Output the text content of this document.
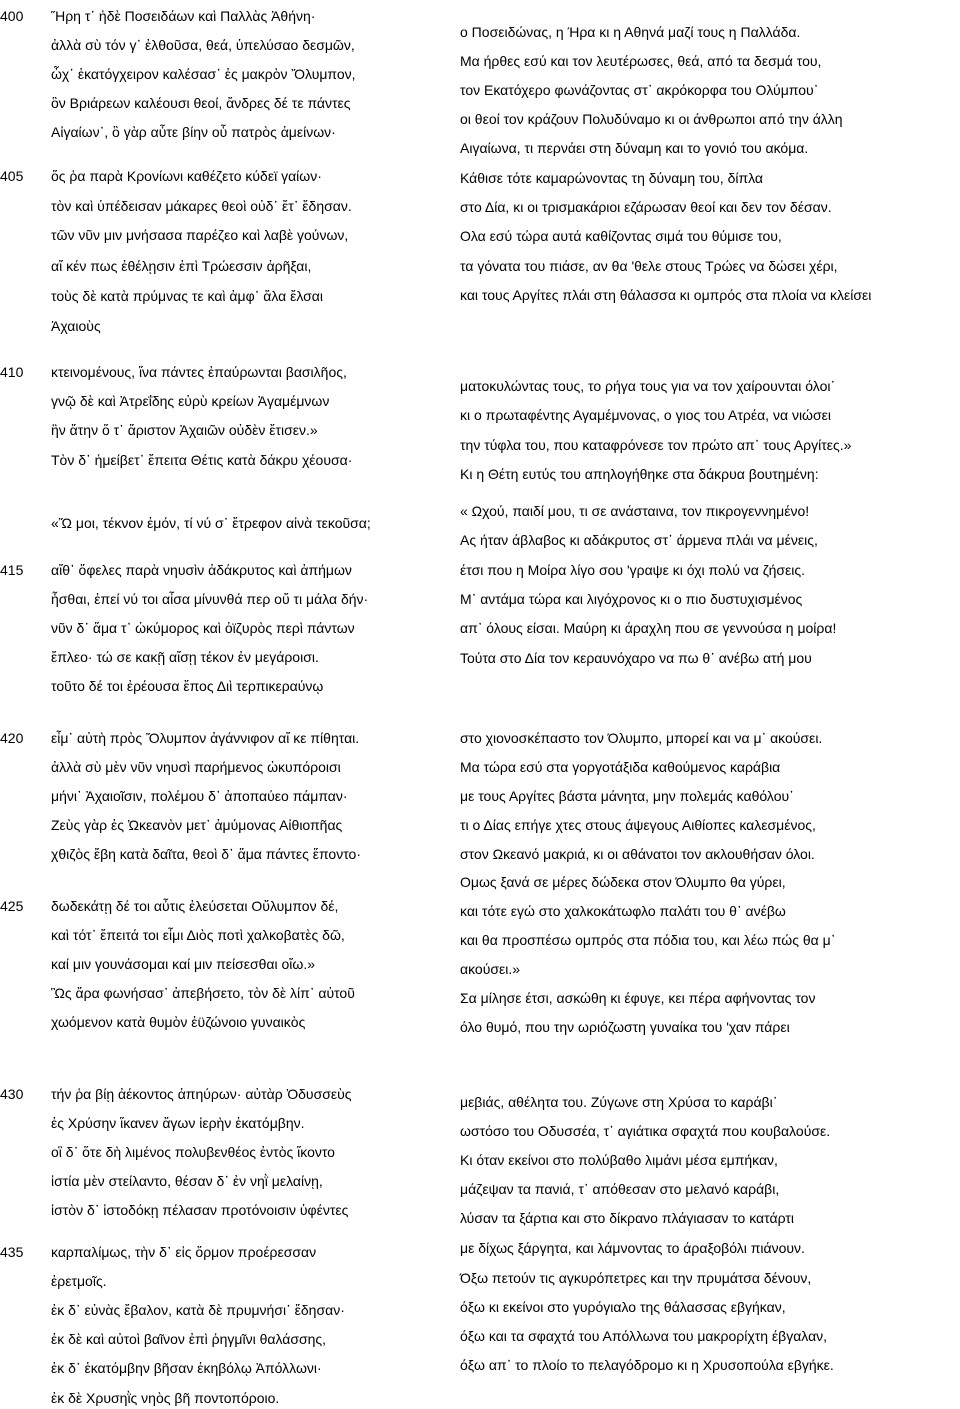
400
405
410
415
420
425
430
435
Ἥρη τ᾽ ἠδὲ Ποσειδάων καὶ Παλλὰς Ἀθήνη·
ἀλλὰ σὺ τόν γ᾽ ἐλθοῦσα, θεά, ὑπελύσαο δεσμῶν,
ὦχ᾽ ἑκατόγχειρον καλέσασ᾽ ἐς μακρὸν Ὄλυμπον,
ὃν Βριάρεων καλέουσι θεοί, ἄνδρες δέ τε πάντες
Αἰγαίων᾽, ὃ γὰρ αὖτε βίην οὗ πατρὸς ἀμείνων·
ὅς ῥα παρὰ Κρονίωνι καθέζετο κύδεϊ γαίων·
τὸν καὶ ὑπέδεισαν μάκαρες θεοὶ οὐδ᾽ ἔτ᾽ ἔδησαν.
τῶν νῦν μιν μνήσασα παρέζεο καὶ λαβὲ γούνων,
αἴ κέν πως ἐθέλῃσιν ἐπὶ Τρώεσσιν ἀρῆξαι,
τοὺς δὲ κατὰ πρύμνας τε καὶ ἀμφ᾽ ἅλα ἔλσαι
Ἀχαιοὺς
κτεινομένους, ἵνα πάντες ἐπαύρωνται βασιλῆος,
γνῷ δὲ καὶ Ἀτρεΐδης εὐρὺ κρείων Ἀγαμέμνων
ἣν ἄτην ὅ τ᾽ ἄριστον Ἀχαιῶν οὐδὲν ἔτισεν.»
Τὸν δ᾽ ἠμείβετ᾽ ἔπειτα Θέτις κατὰ δάκρυ χέουσα·
«Ὤ μοι, τέκνον ἐμόν, τί νύ σ᾽ ἔτρεφον αἰνὰ τεκοῦσα;
αἴθ᾽ ὄφελες παρὰ νηυσὶν ἀδάκρυτος καὶ ἀπήμων
ἧσθαι, ἐπεί νύ τοι αἶσα μίνυνθά περ οὔ τι μάλα δήν·
νῦν δ᾽ ἅμα τ᾽ ὠκύμορος καὶ ὀϊζυρὸς περὶ πάντων
ἔπλεο· τώ σε κακῇ αἴσῃ τέκον ἐν μεγάροισι.
τοῦτο δέ τοι ἐρέουσα ἔπος Διὶ τερπικεραύνῳ
εἶμ᾽ αὐτὴ πρὸς Ὄλυμπον ἀγάννιφον αἴ κε πίθηται.
ἀλλὰ σὺ μὲν νῦν νηυσὶ παρήμενος ὠκυπόροισι
μήνι᾽ Ἀχαιοῖσιν, πολέμου δ᾽ ἀποπαύεο πάμπαν·
Ζεὺς γὰρ ἐς Ὠκεανὸν μετ᾽ ἀμύμονας Αἰθιοπῆας
χθιζὸς ἔβη κατὰ δαῖτα, θεοὶ δ᾽ ἅμα πάντες ἕποντο·
δωδεκάτῃ δέ τοι αὖτις ἐλεύσεται Οὔλυμπον δέ,
καὶ τότ᾽ ἔπειτά τοι εἶμι Διὸς ποτὶ χαλκοβατὲς δῶ,
καί μιν γουνάσομαι καί μιν πείσεσθαι οἴω.»
Ὣς ἄρα φωνήσασ᾽ ἀπεβήσετο, τὸν δὲ λίπ᾽ αὐτοῦ
χωόμενον κατὰ θυμὸν ἐϋζώνοιο γυναικὸς
τήν ῥα βίῃ ἀέκοντος ἀπηύρων· αὐτὰρ Ὀδυσσεὺς
ἐς Χρύσην ἵκανεν ἄγων ἱερὴν ἑκατόμβην.
οἳ δ᾽ ὅτε δὴ λιμένος πολυβενθέος ἐντὸς ἵκοντο
ἱστία μὲν στείλαντο, θέσαν δ᾽ ἐν νηῒ μελαίνῃ,
ἱστὸν δ᾽ ἱστοδόκῃ πέλασαν προτόνοισιν ὑφέντες
καρπαλίμως, τὴν δ᾽ εἰς ὅρμον προέρεσσαν
ἐρετμοῖς.
ἐκ δ᾽ εὐνὰς ἔβαλον, κατὰ δὲ πρυμνήσι᾽ ἔδησαν·
ἐκ δὲ καὶ αὐτοὶ βαῖνον ἐπὶ ῥηγμῖνι θαλάσσης,
ἐκ δ᾽ ἑκατόμβην βῆσαν ἑκηβόλῳ Ἀπόλλωνι·
ἐκ δὲ Χρυσηῒς νηὸς βῆ ποντοπόροιο.
ο Ποσειδώνας, η Ήρα κι η Αθηνά μαζί τους η Παλλάδα.
Μα ήρθες εσύ και τον λευτέρωσες, θεά, από τα δεσμά του,
τον Εκατόχερο φωνάζοντας στ᾽ ακρόκορφα του Ολύμπου᾽
οι θεοί τον κράζουν Πολυδύναμο κι οι άνθρωποι από την άλλη
Αιγαίωνα, τι περνάει στη δύναμη και το γονιό του ακόμα.
Κάθισε τότε καμαρώνοντας τη δύναμη του, δίπλα
στο Δία, κι οι τρισμακάριοι εζάρωσαν θεοί και δεν τον δέσαν.
Ολα εσύ τώρα αυτά καθίζοντας σιμά του θύμισε του,
τα γόνατα του πιάσε, αν θα 'θελε στους Τρώες να δώσει χέρι,
και τους Αργίτες πλάι στη θάλασσα κι ομπρός στα πλοία να κλείσει
ματοκυλώντας τους, το ρήγα τους για να τον χαίρουνται όλοι᾽
κι ο πρωταφέντης Αγαμέμνονας, ο γιος του Ατρέα, να νιώσει
την τύφλα του, που καταφρόνεσε τον πρώτο απ᾽ τους Αργίτες.»
Κι η Θέτη ευτύς του απηλογήθηκε στα δάκρυα βουτημένη:
« Ωχού, παιδί μου, τι σε ανάσταινα, τον πικρογεννημένο!
Ας ήταν άβλαβος κι αδάκρυτος στ᾽ άρμενα πλάι να μένεις,
έτσι που η Μοίρα λίγο σου 'γραψε κι όχι πολύ να ζήσεις.
Μ᾽ αντάμα τώρα και λιγόχρονος κι ο πιο δυστυχισμένος
απ᾽ όλους είσαι. Μαύρη κι άραχλη που σε γεννούσα η μοίρα!
Τούτα στο Δία τον κεραυνόχαρο να πω θ᾽ ανέβω ατή μου
στο χιονοσκέπαστο τον Όλυμπο, μπορεί και να μ᾽ ακούσει.
Μα τώρα εσύ στα γοργοτάξιδα καθούμενος καράβια
με τους Αργίτες βάστα μάνητα, μην πολεμάς καθόλου᾽
τι ο Δίας επήγε χτες στους άψεγους Αιθίοπες καλεσμένος,
στον Ωκεανό μακριά, κι οι αθάνατοι τον ακλουθήσαν όλοι.
Ομως ξανά σε μέρες δώδεκα στον Όλυμπο θα γύρει,
και τότε εγώ στο χαλκοκάτωφλο παλάτι του θ᾽ ανέβω
και θα προσπέσω ομπρός στα πόδια του, και λέω πώς θα μ᾽
ακούσει.»
Σα μίλησε έτσι, ασκώθη κι έφυγε, κει πέρα αφήνοντας τον
όλο θυμό, που την ωριόζωστη γυναίκα του 'χαν πάρει
μεβιάς, αθέλητα του. Ζύγωνε στη Χρύσα το καράβι᾽
ωστόσο του Οδυσσέα, τ᾽ αγιάτικα σφαχτά που κουβαλούσε.
Κι όταν εκείνοι στο πολύβαθο λιμάνι μέσα εμπήκαν,
μάζεψαν τα πανιά, τ᾽ απόθεσαν στο μελανό καράβι,
λύσαν τα ξάρτια και στο δίκρανο πλάγιασαν το κατάρτι
με δίχως ξάργητα, και λάμνοντας το άραξοβόλι πιάνουν.
Όξω πετούν τις αγκυρόπετρες και την πρυμάτσα δένουν,
όξω κι εκείνοι στο γυρόγιαλο της θάλασσας εβγήκαν,
όξω και τα σφαχτά του Απόλλωνα του μακρορίχτη έβγαλαν,
όξω απ᾽ το πλοίο το πελαγόδρομο κι η Χρυσοπούλα εβγήκε.
